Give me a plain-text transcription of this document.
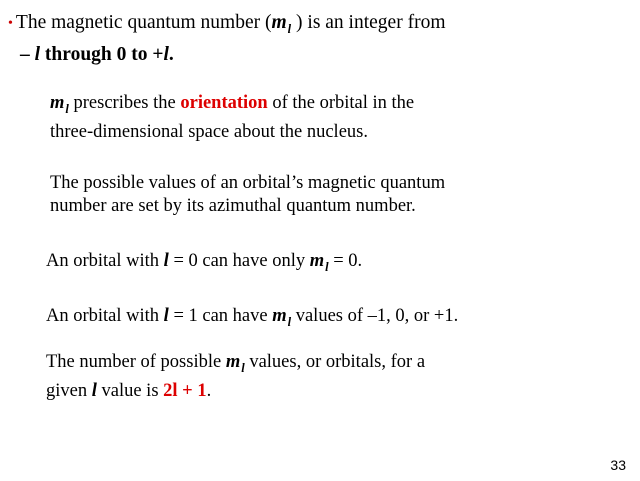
• The magnetic quantum number ($m_l$ ) is an integer from
– l through 0 to +l.
$m_l$ prescribes the orientation of the orbital in the
three-dimensional space about the nucleus.
The possible values of an orbital’s magnetic quantum
number are set by its azimuthal quantum number.
An orbital with l = 0 can have only $m_l = 0$.
An orbital with l = 1 can have $m_l$ values of –1, 0, or +1.
The number of possible $m_l$ values, or orbitals, for a
given l value is 2l + 1.
33
